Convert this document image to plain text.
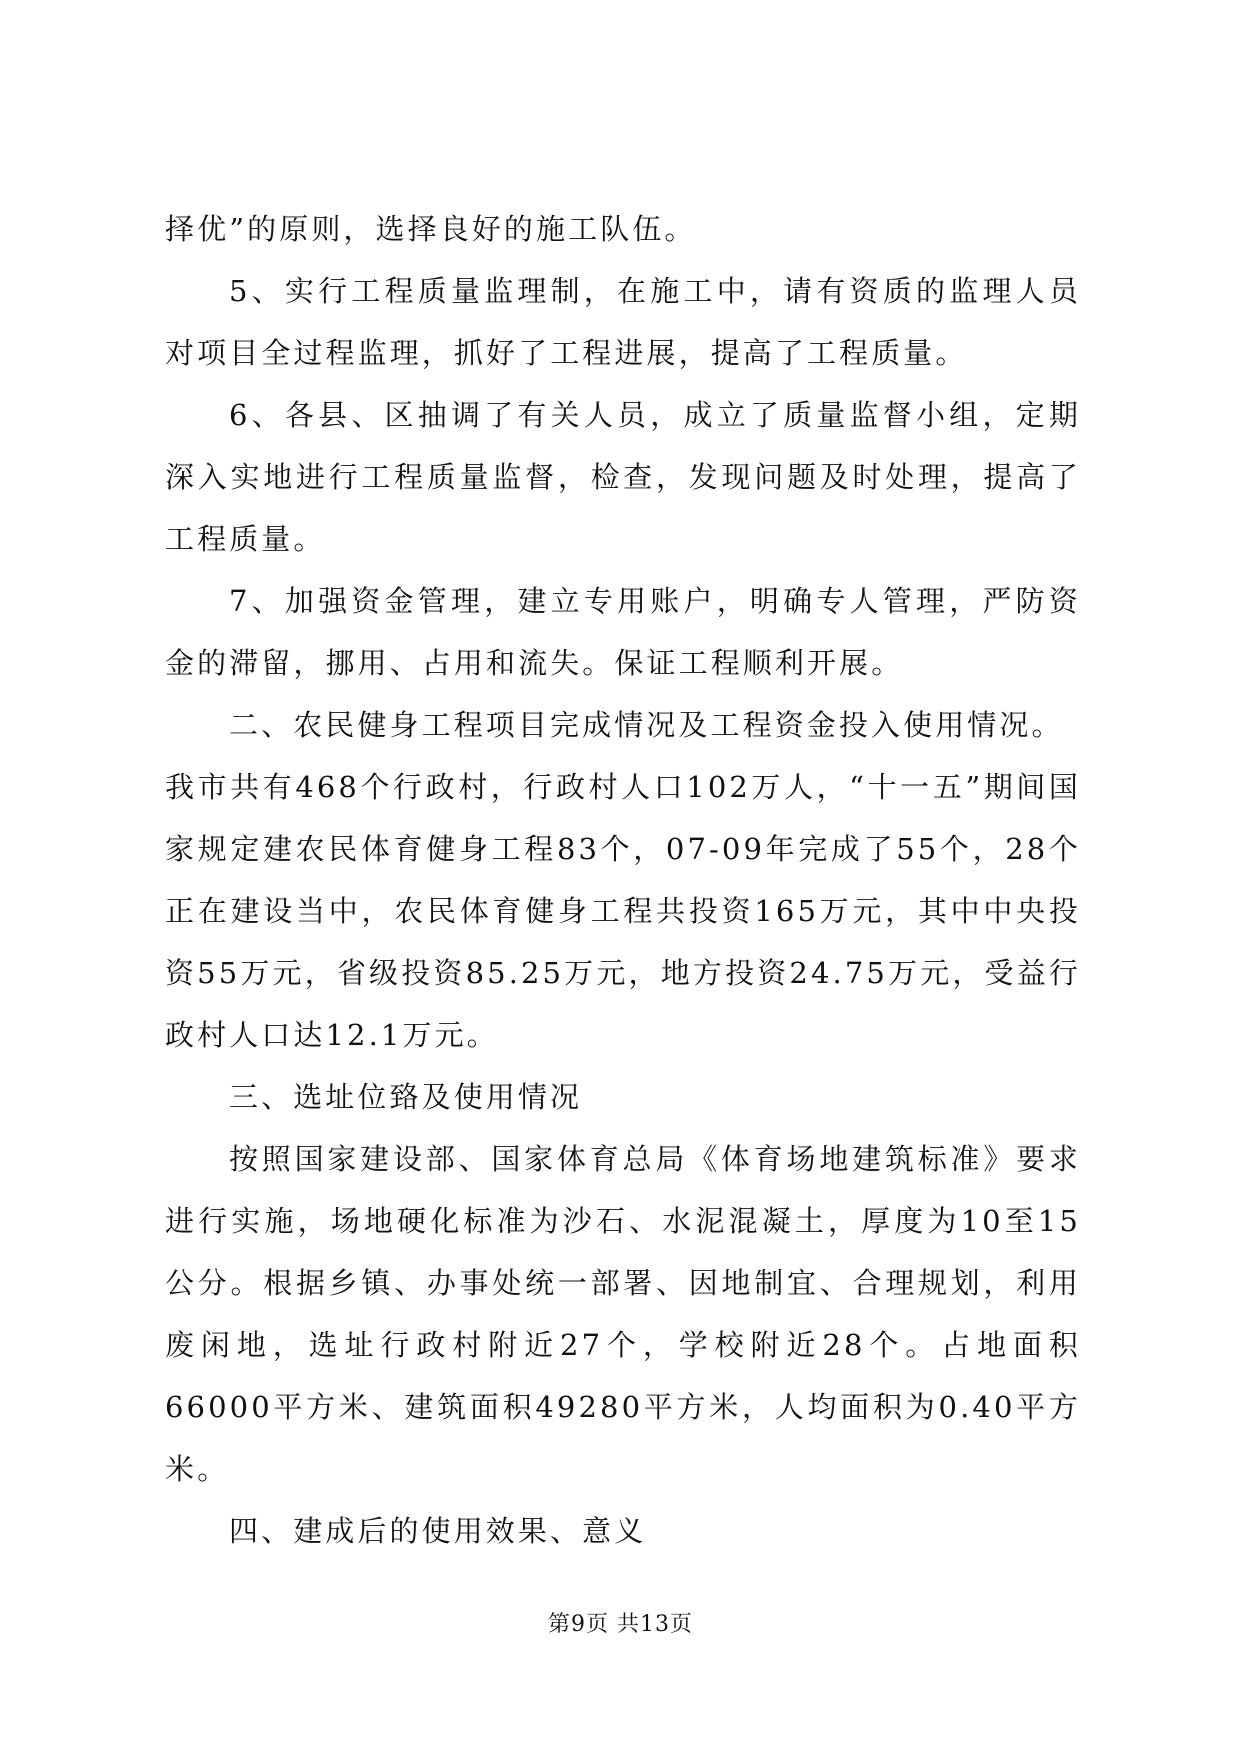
择优”的原则，选择良好的施工队伍。

5、实行工程质量监理制，在施工中，请有资质的监理人员对项目全过程监理，抓好了工程进展，提高了工程质量。

6、各县、区抽调了有关人员，成立了质量监督小组，定期深入实地进行工程质量监督，检查，发现问题及时处理，提高了工程质量。

7、加强资金管理，建立专用账户，明确专人管理，严防资金的滞留，挪用、占用和流失。保证工程顺利开展。

二、农民健身工程项目完成情况及工程资金投入使用情况。

我市共有468个行政村，行政村人口102万人，“十一五”期间国家规定建农民体育健身工程83个，07-09年完成了55个，28个正在建设当中，农民体育健身工程共投资165万元，其中中央投资55万元，省级投资85.25万元，地方投资24.75万元，受益行政村人口达12.1万元。

三、选址位臵及使用情况

按照国家建设部、国家体育总局《体育场地建筑标准》要求进行实施，场地硬化标准为沙石、水泥混凝土，厚度为10至15公分。根据乡镇、办事处统一部署、因地制宜、合理规划，利用废闲地，选址行政村附近27个，学校附近28个。占地面积66000平方米、建筑面积49280平方米，人均面积为0.40平方米。

四、建成后的使用效果、意义

第9页 共13页
